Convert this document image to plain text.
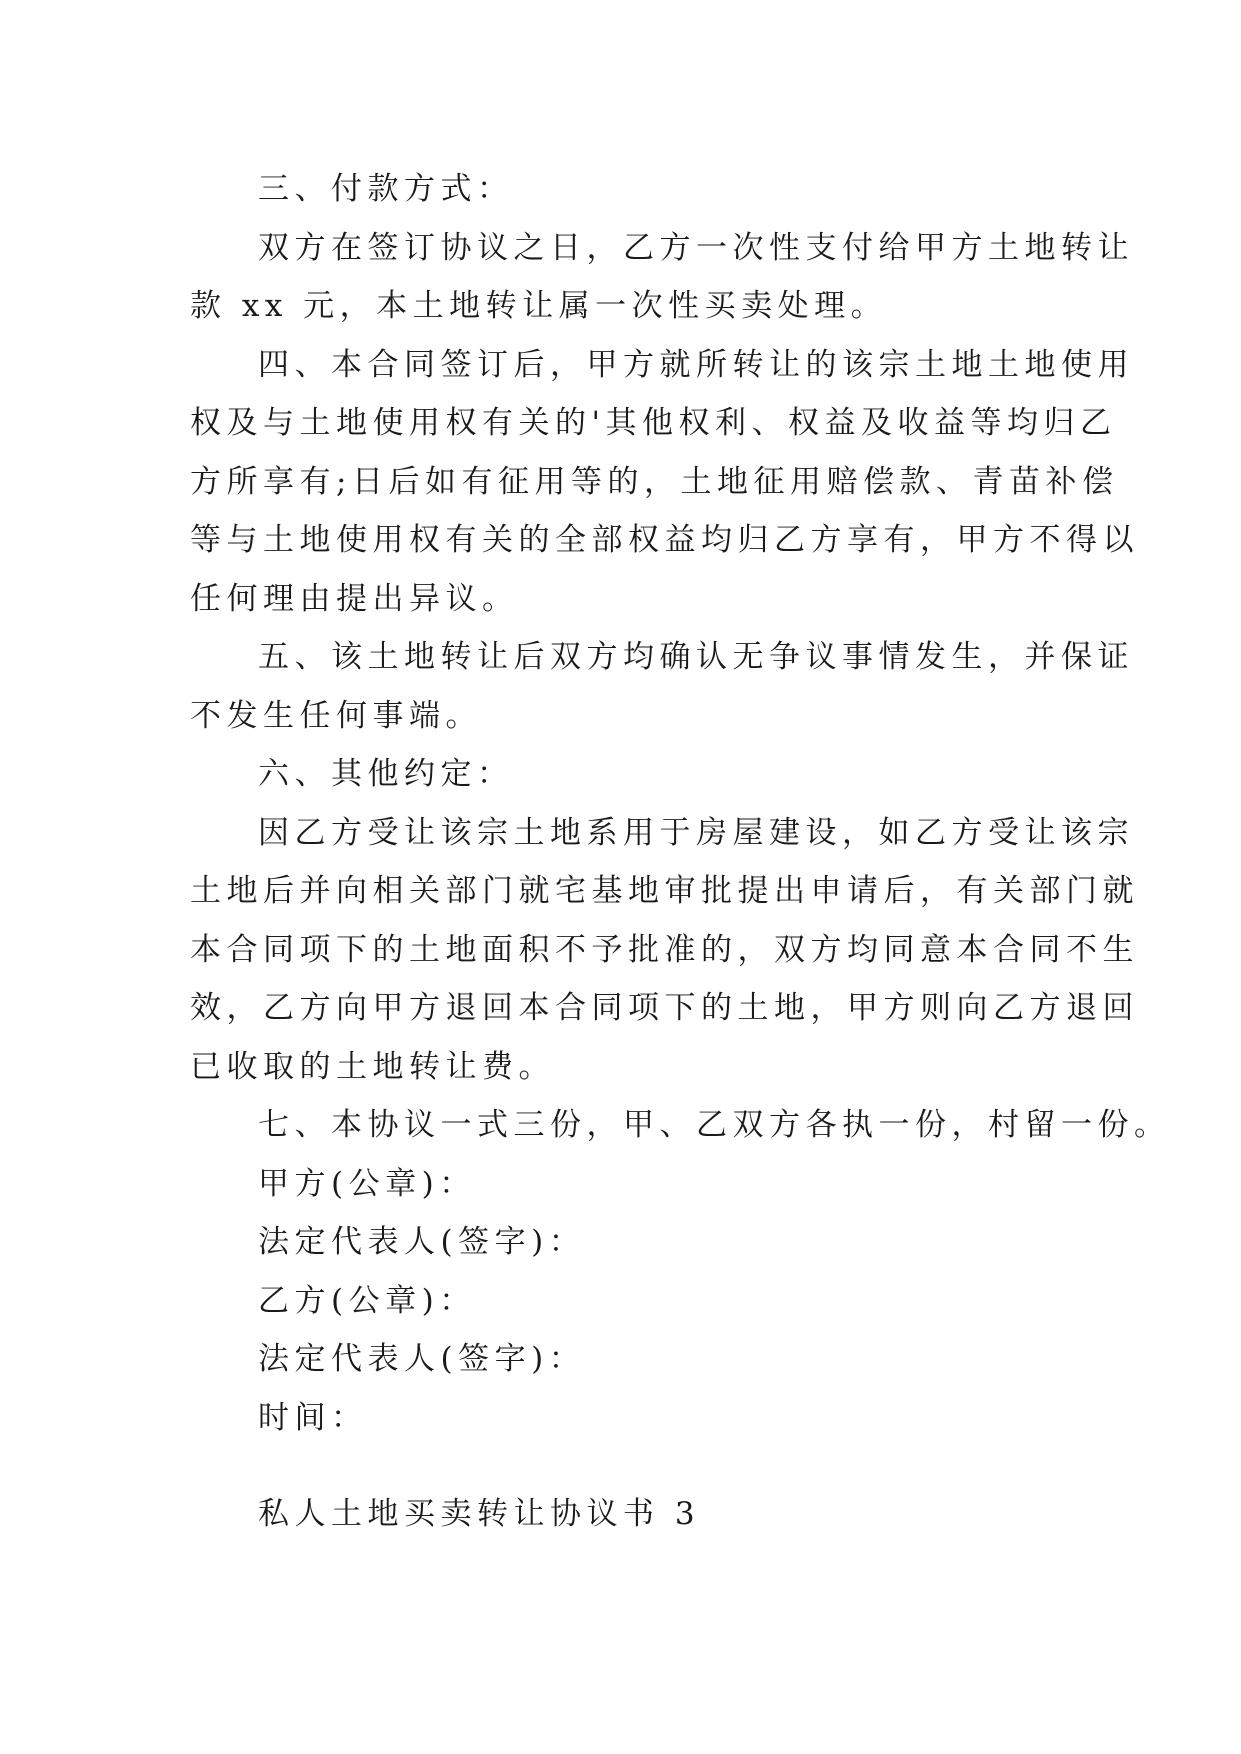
三、付款方式：

双方在签订协议之日，乙方一次性支付给甲方土地转让

款 xx 元，本土地转让属一次性买卖处理。

四、本合同签订后，甲方就所转让的该宗土地土地使用

权及与土地使用权有关的'其他权利、权益及收益等均归乙

方所享有;日后如有征用等的，土地征用赔偿款、青苗补偿

等与土地使用权有关的全部权益均归乙方享有，甲方不得以

任何理由提出异议。

五、该土地转让后双方均确认无争议事情发生，并保证

不发生任何事端。

六、其他约定：

因乙方受让该宗土地系用于房屋建设，如乙方受让该宗

土地后并向相关部门就宅基地审批提出申请后，有关部门就

本合同项下的土地面积不予批准的，双方均同意本合同不生

效，乙方向甲方退回本合同项下的土地，甲方则向乙方退回

已收取的土地转让费。

七、本协议一式三份，甲、乙双方各执一份，村留一份。

甲方(公章)：

法定代表人(签字)：

乙方(公章)：

法定代表人(签字)：

时间：

私人土地买卖转让协议书 3
